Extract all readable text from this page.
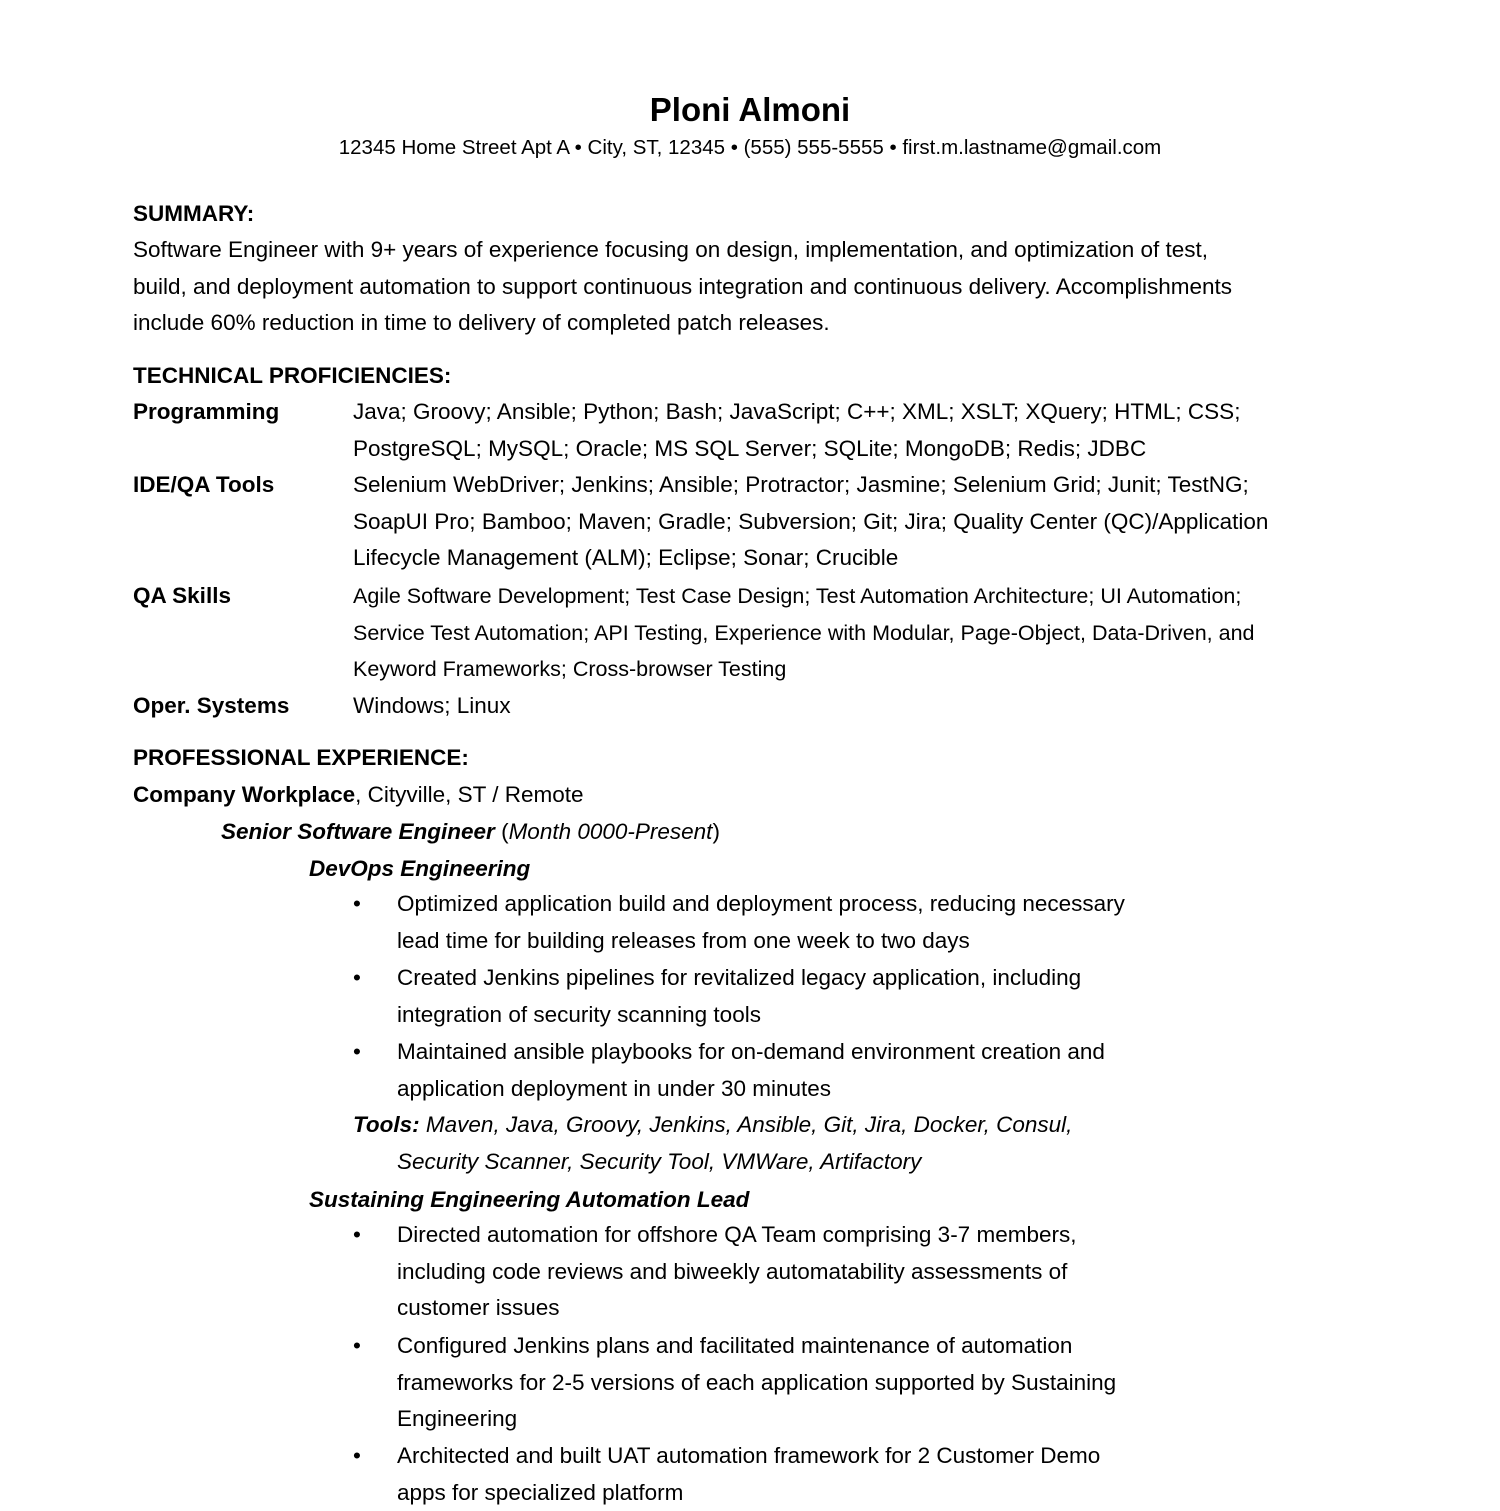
Ploni Almoni
12345 Home Street Apt A • City, ST, 12345 • (555) 555-5555 • first.m.lastname@gmail.com
SUMMARY:
Software Engineer with 9+ years of experience focusing on design, implementation, and optimization of test,
build, and deployment automation to support continuous integration and continuous delivery. Accomplishments
include 60% reduction in time to delivery of completed patch releases.
TECHNICAL PROFICIENCIES:
Programming	Java; Groovy; Ansible; Python; Bash; JavaScript; C++; XML; XSLT; XQuery; HTML; CSS;
PostgreSQL; MySQL; Oracle; MS SQL Server; SQLite; MongoDB; Redis; JDBC
IDE/QA Tools	Selenium WebDriver; Jenkins; Ansible; Protractor; Jasmine; Selenium Grid; Junit; TestNG;
SoapUI Pro; Bamboo; Maven; Gradle; Subversion; Git; Jira; Quality Center (QC)/Application
Lifecycle Management (ALM); Eclipse; Sonar; Crucible
QA Skills	Agile Software Development; Test Case Design; Test Automation Architecture; UI Automation;
Service Test Automation; API Testing, Experience with Modular, Page-Object, Data-Driven, and
Keyword Frameworks; Cross-browser Testing
Oper. Systems	Windows; Linux
PROFESSIONAL EXPERIENCE:
Company Workplace, Cityville, ST / Remote
Senior Software Engineer (Month 0000-Present)
DevOps Engineering
•	Optimized application build and deployment process, reducing necessary
lead time for building releases from one week to two days
•	Created Jenkins pipelines for revitalized legacy application, including
integration of security scanning tools
•	Maintained ansible playbooks for on-demand environment creation and
application deployment in under 30 minutes
Tools: Maven, Java, Groovy, Jenkins, Ansible, Git, Jira, Docker, Consul,
Security Scanner, Security Tool, VMWare, Artifactory
Sustaining Engineering Automation Lead
•	Directed automation for offshore QA Team comprising 3-7 members,
including code reviews and biweekly automatability assessments of
customer issues
•	Configured Jenkins plans and facilitated maintenance of automation
frameworks for 2-5 versions of each application supported by Sustaining
Engineering
•	Architected and built UAT automation framework for 2 Customer Demo
apps for specialized platform
